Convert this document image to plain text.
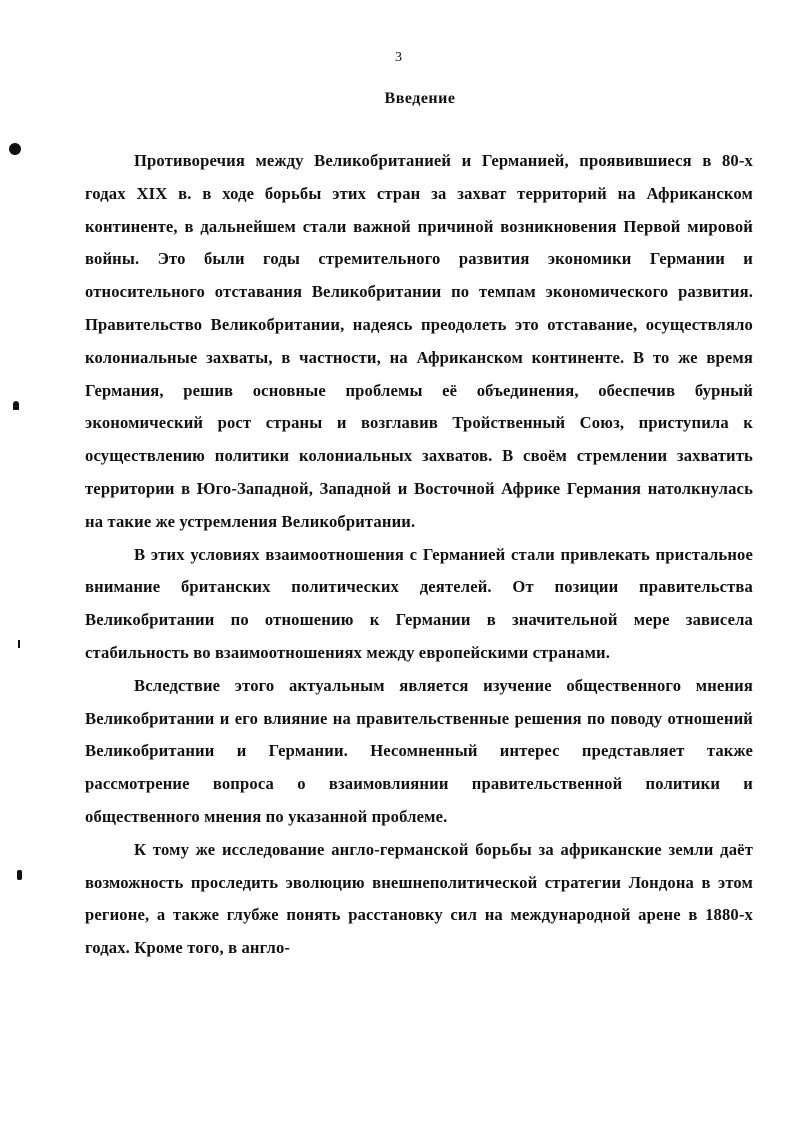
3
Введение

Противоречия между Великобританией и Германией, проявившиеся в 80-х годах XIX в. в ходе борьбы этих стран за захват территорий на Африканском континенте, в дальнейшем стали важной причиной возникновения Первой мировой войны. Это были годы стремительного развития экономики Германии и относительного отставания Великобритании по темпам экономического развития. Правительство Великобритании, надеясь преодолеть это отставание, осуществляло колониальные захваты, в частности, на Африканском континенте. В то же время Германия, решив основные проблемы её объединения, обеспечив бурный экономический рост страны и возглавив Тройственный Союз, приступила к осуществлению политики колониальных захватов. В своём стремлении захватить территории в Юго-Западной, Западной и Восточной Африке Германия натолкнулась на такие же устремления Великобритании.

В этих условиях взаимоотношения с Германией стали привлекать пристальное внимание британских политических деятелей. От позиции правительства Великобритании по отношению к Германии в значительной мере зависела стабильность во взаимоотношениях между европейскими странами.

Вследствие этого актуальным является изучение общественного мнения Великобритании и его влияние на правительственные решения по поводу отношений Великобритании и Германии. Несомненный интерес представляет также рассмотрение вопроса о взаимовлиянии правительственной политики и общественного мнения по указанной проблеме.

К тому же исследование англо-германской борьбы за африканские земли даёт возможность проследить эволюцию внешнеполитической стратегии Лондона в этом регионе, а также глубже понять расстановку сил на международной арене в 1880-х годах. Кроме того, в англо-
